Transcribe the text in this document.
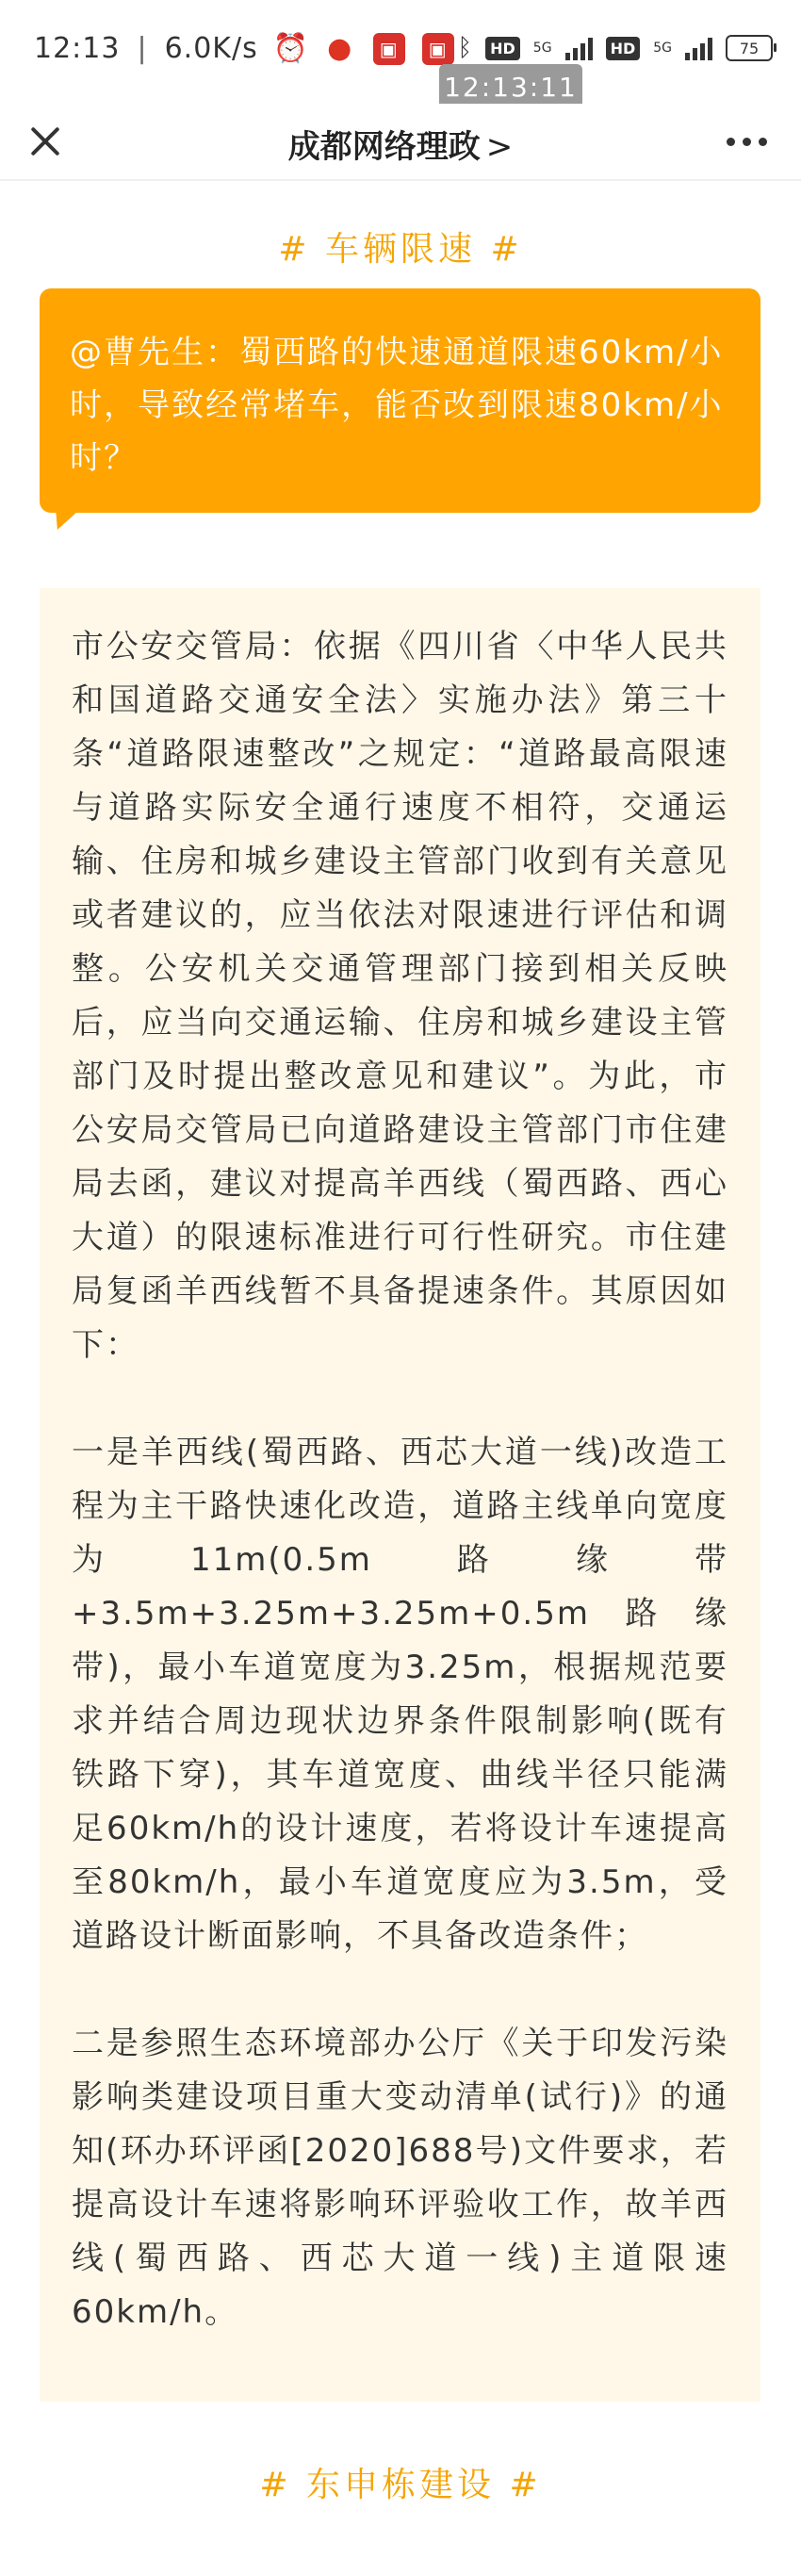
12:13 | 6.0K/s ⏰ ●	▣	▣ ᛒ	HD	5G	HD	5G	75
12:13:11
成都网络理政 >
# 车辆限速 #
@曹先生：蜀西路的快速通道限速60km/小时，导致经常堵车，能否改到限速80km/小时？

市公安交管局：依据《四川省〈中华人民共和国道路交通安全法〉实施办法》第三十条“道路限速整改”之规定：“道路最高限速与道路实际安全通行速度不相符，交通运输、住房和城乡建设主管部门收到有关意见或者建议的，应当依法对限速进行评估和调整。公安机关交通管理部门接到相关反映后，应当向交通运输、住房和城乡建设主管部门及时提出整改意见和建议”。为此，市公安局交管局已向道路建设主管部门市住建局去函，建议对提高羊西线（蜀西路、西心大道）的限速标准进行可行性研究。市住建局复函羊西线暂不具备提速条件。其原因如下：

一是羊西线(蜀西路、西芯大道一线)改造工程为主干路快速化改造，道路主线单向宽度为11m(0.5m路缘带+3.5m+3.25m+3.25m+0.5m路缘带)，最小车道宽度为3.25m，根据规范要求并结合周边现状边界条件限制影响(既有铁路下穿)，其车道宽度、曲线半径只能满足60km/h的设计速度，若将设计车速提高至80km/h，最小车道宽度应为3.5m，受道路设计断面影响，不具备改造条件；

二是参照生态环境部办公厅《关于印发污染影响类建设项目重大变动清单(试行)》的通知(环办环评函[2020]688号)文件要求，若提高设计车速将影响环评验收工作，故羊西线(蜀西路、西芯大道一线)主道限速60km/h。

# 东申栋建设 #
